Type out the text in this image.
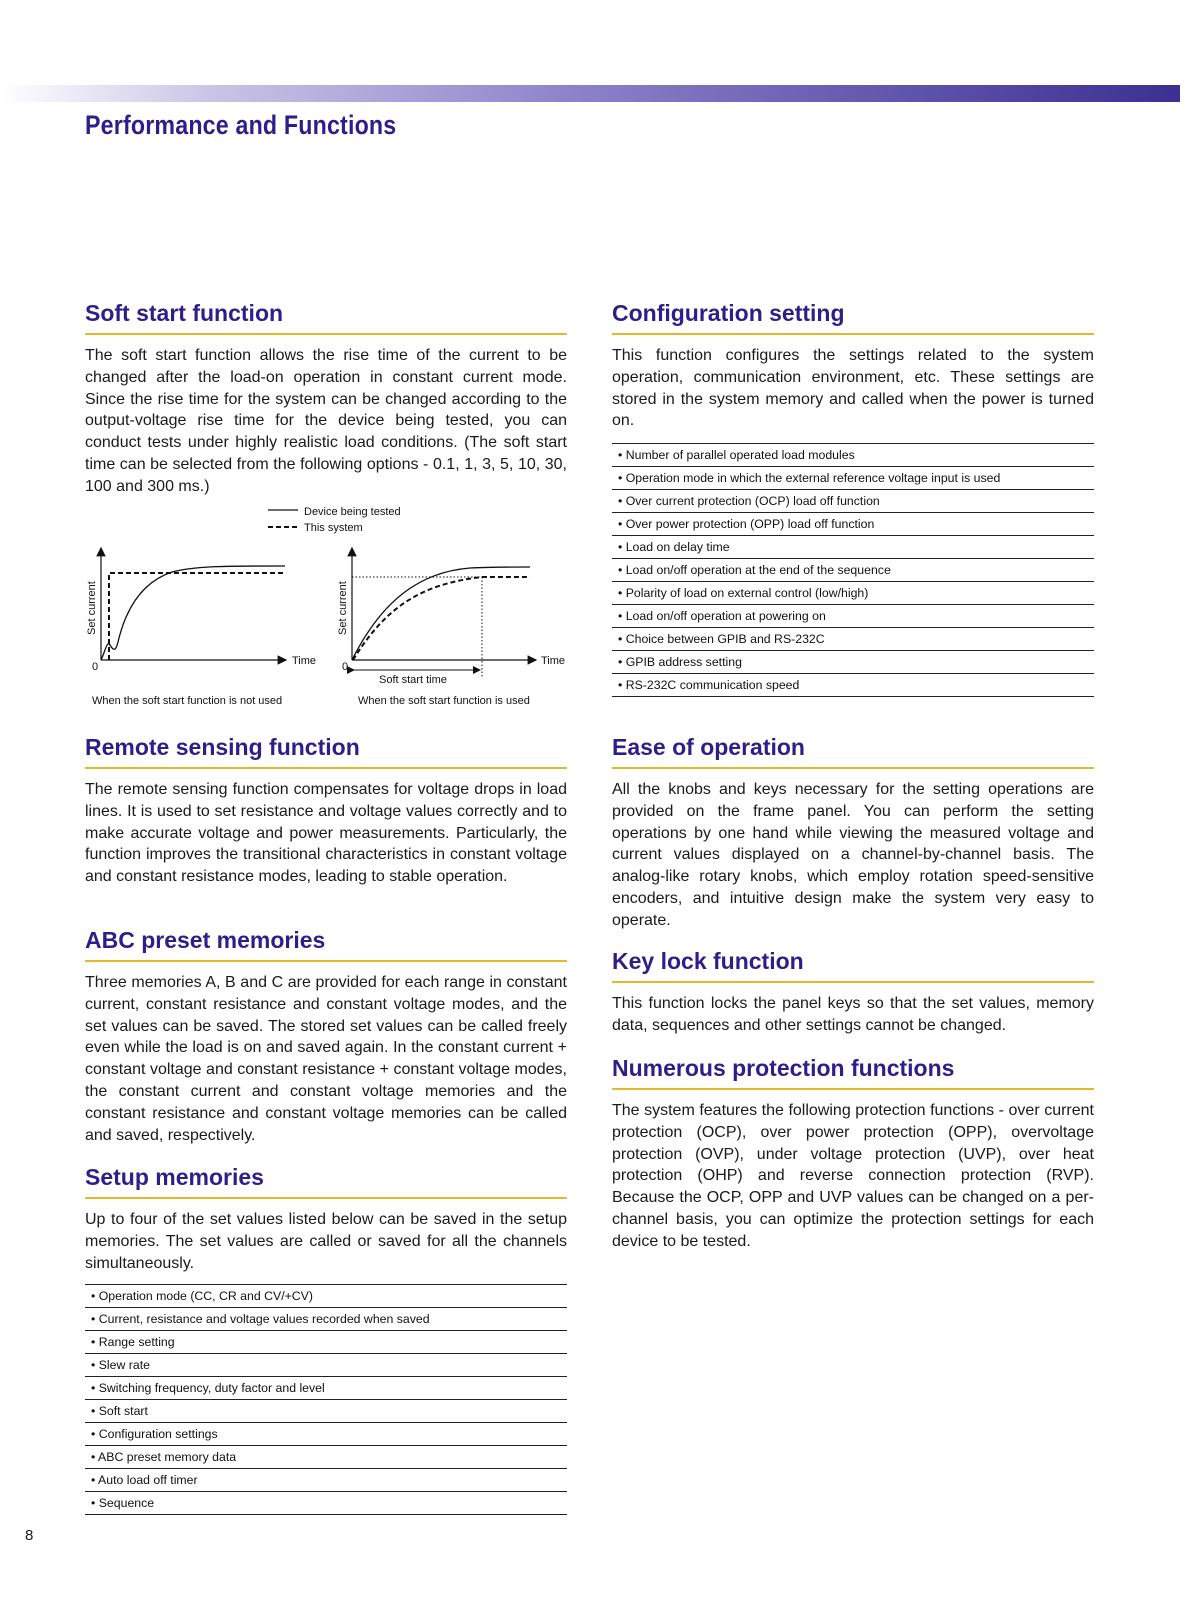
Performance and Functions
Soft start function

The soft start function allows the rise time of the current to be changed after the load-on operation in constant current mode. Since the rise time for the system can be changed according to the output-voltage rise time for the device being tested, you can conduct tests under highly realistic load conditions. (The soft start time can be selected from the following options - 0.1, 1, 3, 5, 10, 30, 100 and 300 ms.)

Device being tested
This system
Set current
Time
0
When the soft start function is not used
Set current
Time
0
Soft start time
When the soft start function is used
Remote sensing function

The remote sensing function compensates for voltage drops in load lines. It is used to set resistance and voltage values correctly and to make accurate voltage and power measurements. Particularly, the function improves the transitional characteristics in constant voltage and constant resistance modes, leading to stable operation.

ABC preset memories

Three memories A, B and C are provided for each range in constant current, constant resistance and constant voltage modes, and the set values can be saved. The stored set values can be called freely even while the load is on and saved again. In the constant current + constant voltage and constant resistance + constant voltage modes, the constant current and constant voltage memories and the constant resistance and constant voltage memories can be called and saved, respectively.

Setup memories

Up to four of the set values listed below can be saved in the setup memories. The set values are called or saved for all the channels simultaneously.

• Operation mode (CC, CR and CV/+CV)
• Current, resistance and voltage values recorded when saved
• Range setting
• Slew rate
• Switching frequency, duty factor and level
• Soft start
• Configuration settings
• ABC preset memory data
• Auto load off timer
• Sequence
Configuration setting

This function configures the settings related to the system operation, communication environment, etc. These settings are stored in the system memory and called when the power is turned on.

• Number of parallel operated load modules
• Operation mode in which the external reference voltage input is used
• Over current protection (OCP) load off function
• Over power protection (OPP) load off function
• Load on delay time
• Load on/off operation at the end of the sequence
• Polarity of load on external control (low/high)
• Load on/off operation at powering on
• Choice between GPIB and RS-232C
• GPIB address setting
• RS-232C communication speed
Ease of operation

All the knobs and keys necessary for the setting operations are provided on the frame panel. You can perform the setting operations by one hand while viewing the measured voltage and current values displayed on a channel-by-channel basis. The analog-like rotary knobs, which employ rotation speed-sensitive encoders, and intuitive design make the system very easy to operate.

Key lock function

This function locks the panel keys so that the set values, memory data, sequences and other settings cannot be changed.

Numerous protection functions

The system features the following protection functions - over current protection (OCP), over power protection (OPP), overvoltage protection (OVP), under voltage protection (UVP), over heat protection (OHP) and reverse connection protection (RVP). Because the OCP, OPP and UVP values can be changed on a per-channel basis, you can optimize the protection settings for each device to be tested.

8
